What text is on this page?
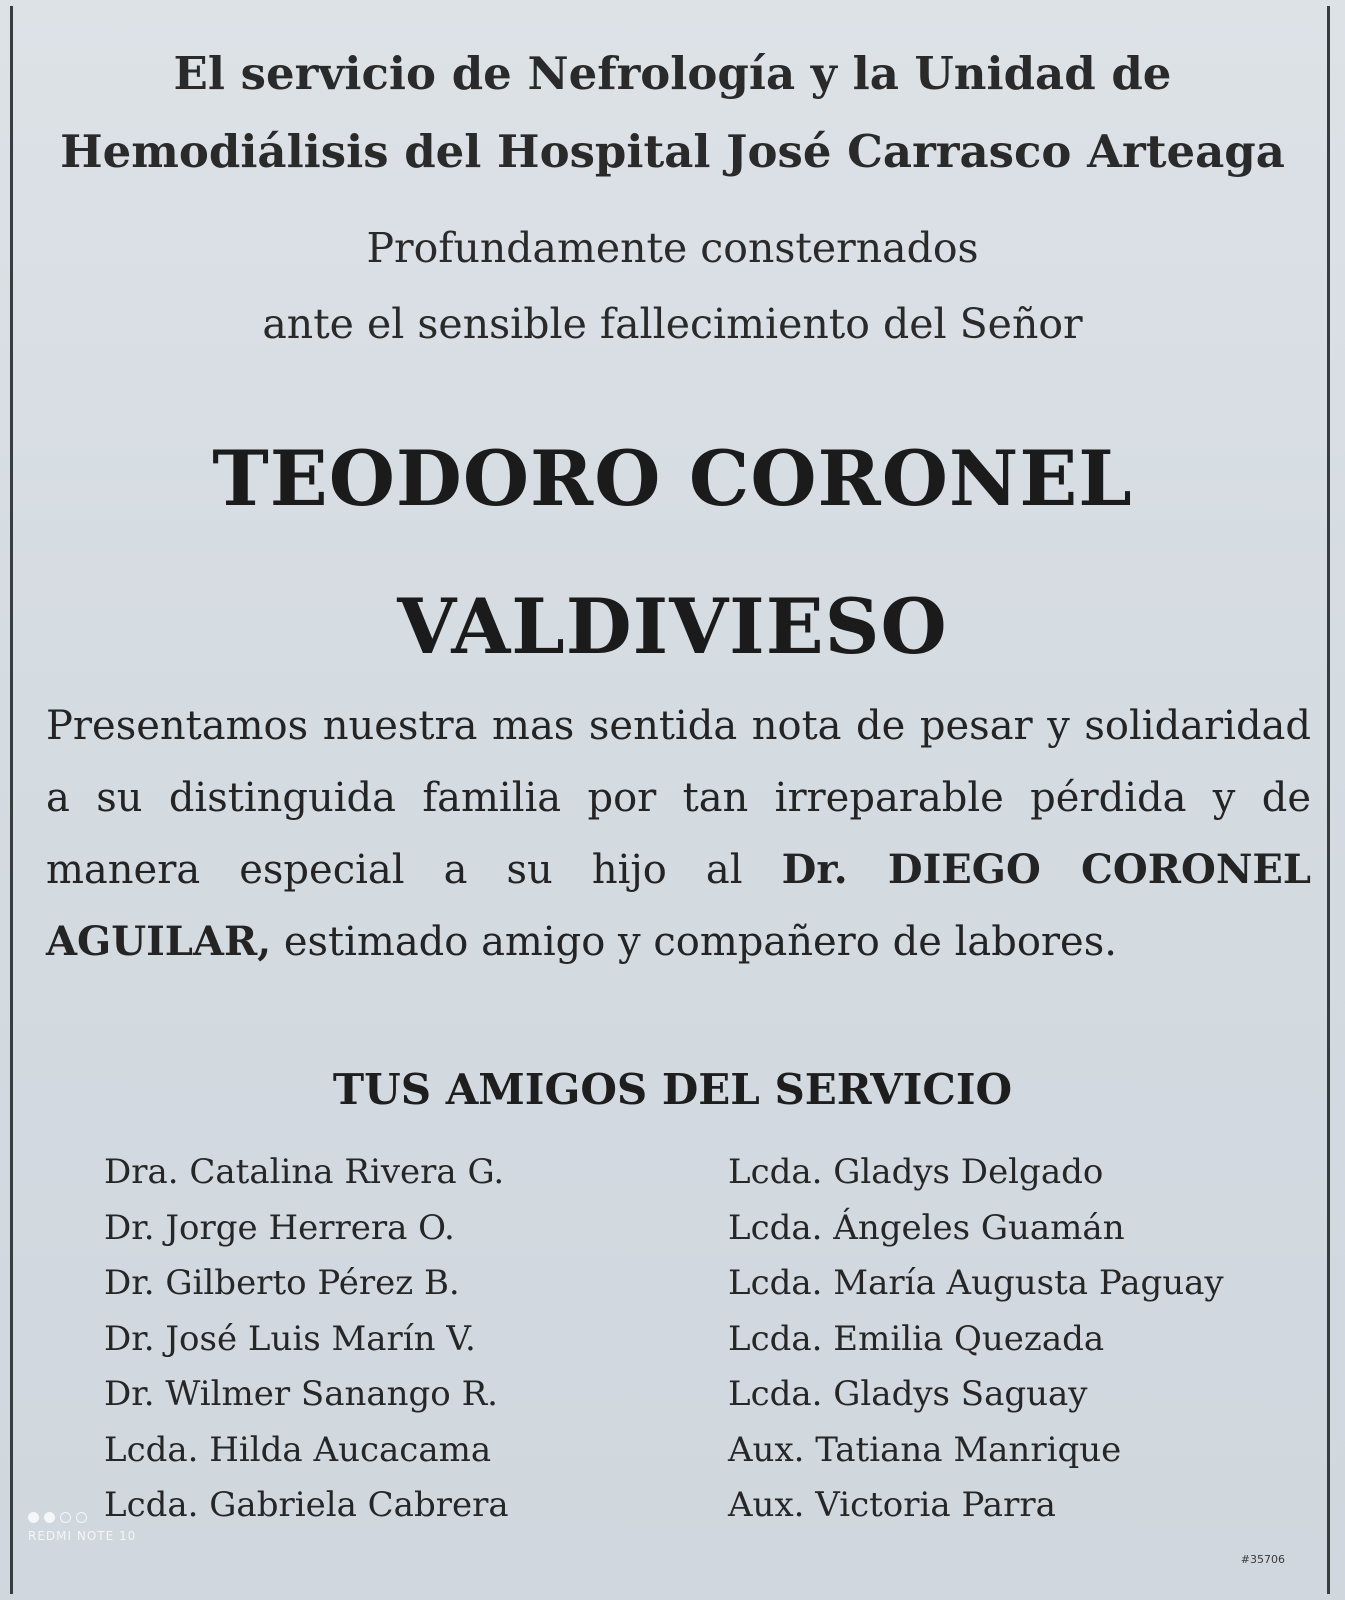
El servicio de Nefrología y la Unidad de
Hemodiálisis del Hospital José Carrasco Arteaga
Profundamente consternados
ante el sensible fallecimiento del Señor
TEODORO CORONEL
VALDIVIESO
Presentamos nuestra mas sentida nota de pesar y solidaridad a su distinguida familia por tan irreparable pérdida y de manera especial a su hijo al Dr. DIEGO CORONEL AGUILAR, estimado amigo y compañero de labores.
TUS AMIGOS DEL SERVICIO
Dra. Catalina Rivera G.
Dr. Jorge Herrera O.
Dr. Gilberto Pérez B.
Dr. José Luis Marín V.
Dr. Wilmer Sanango R.
Lcda. Hilda Aucacama
Lcda. Gabriela Cabrera
Lcda. Gladys Delgado
Lcda. Ángeles Guamán
Lcda. María Augusta Paguay
Lcda. Emilia Quezada
Lcda. Gladys Saguay
Aux. Tatiana Manrique
Aux. Victoria Parra
#35706
REDMI NOTE 10
